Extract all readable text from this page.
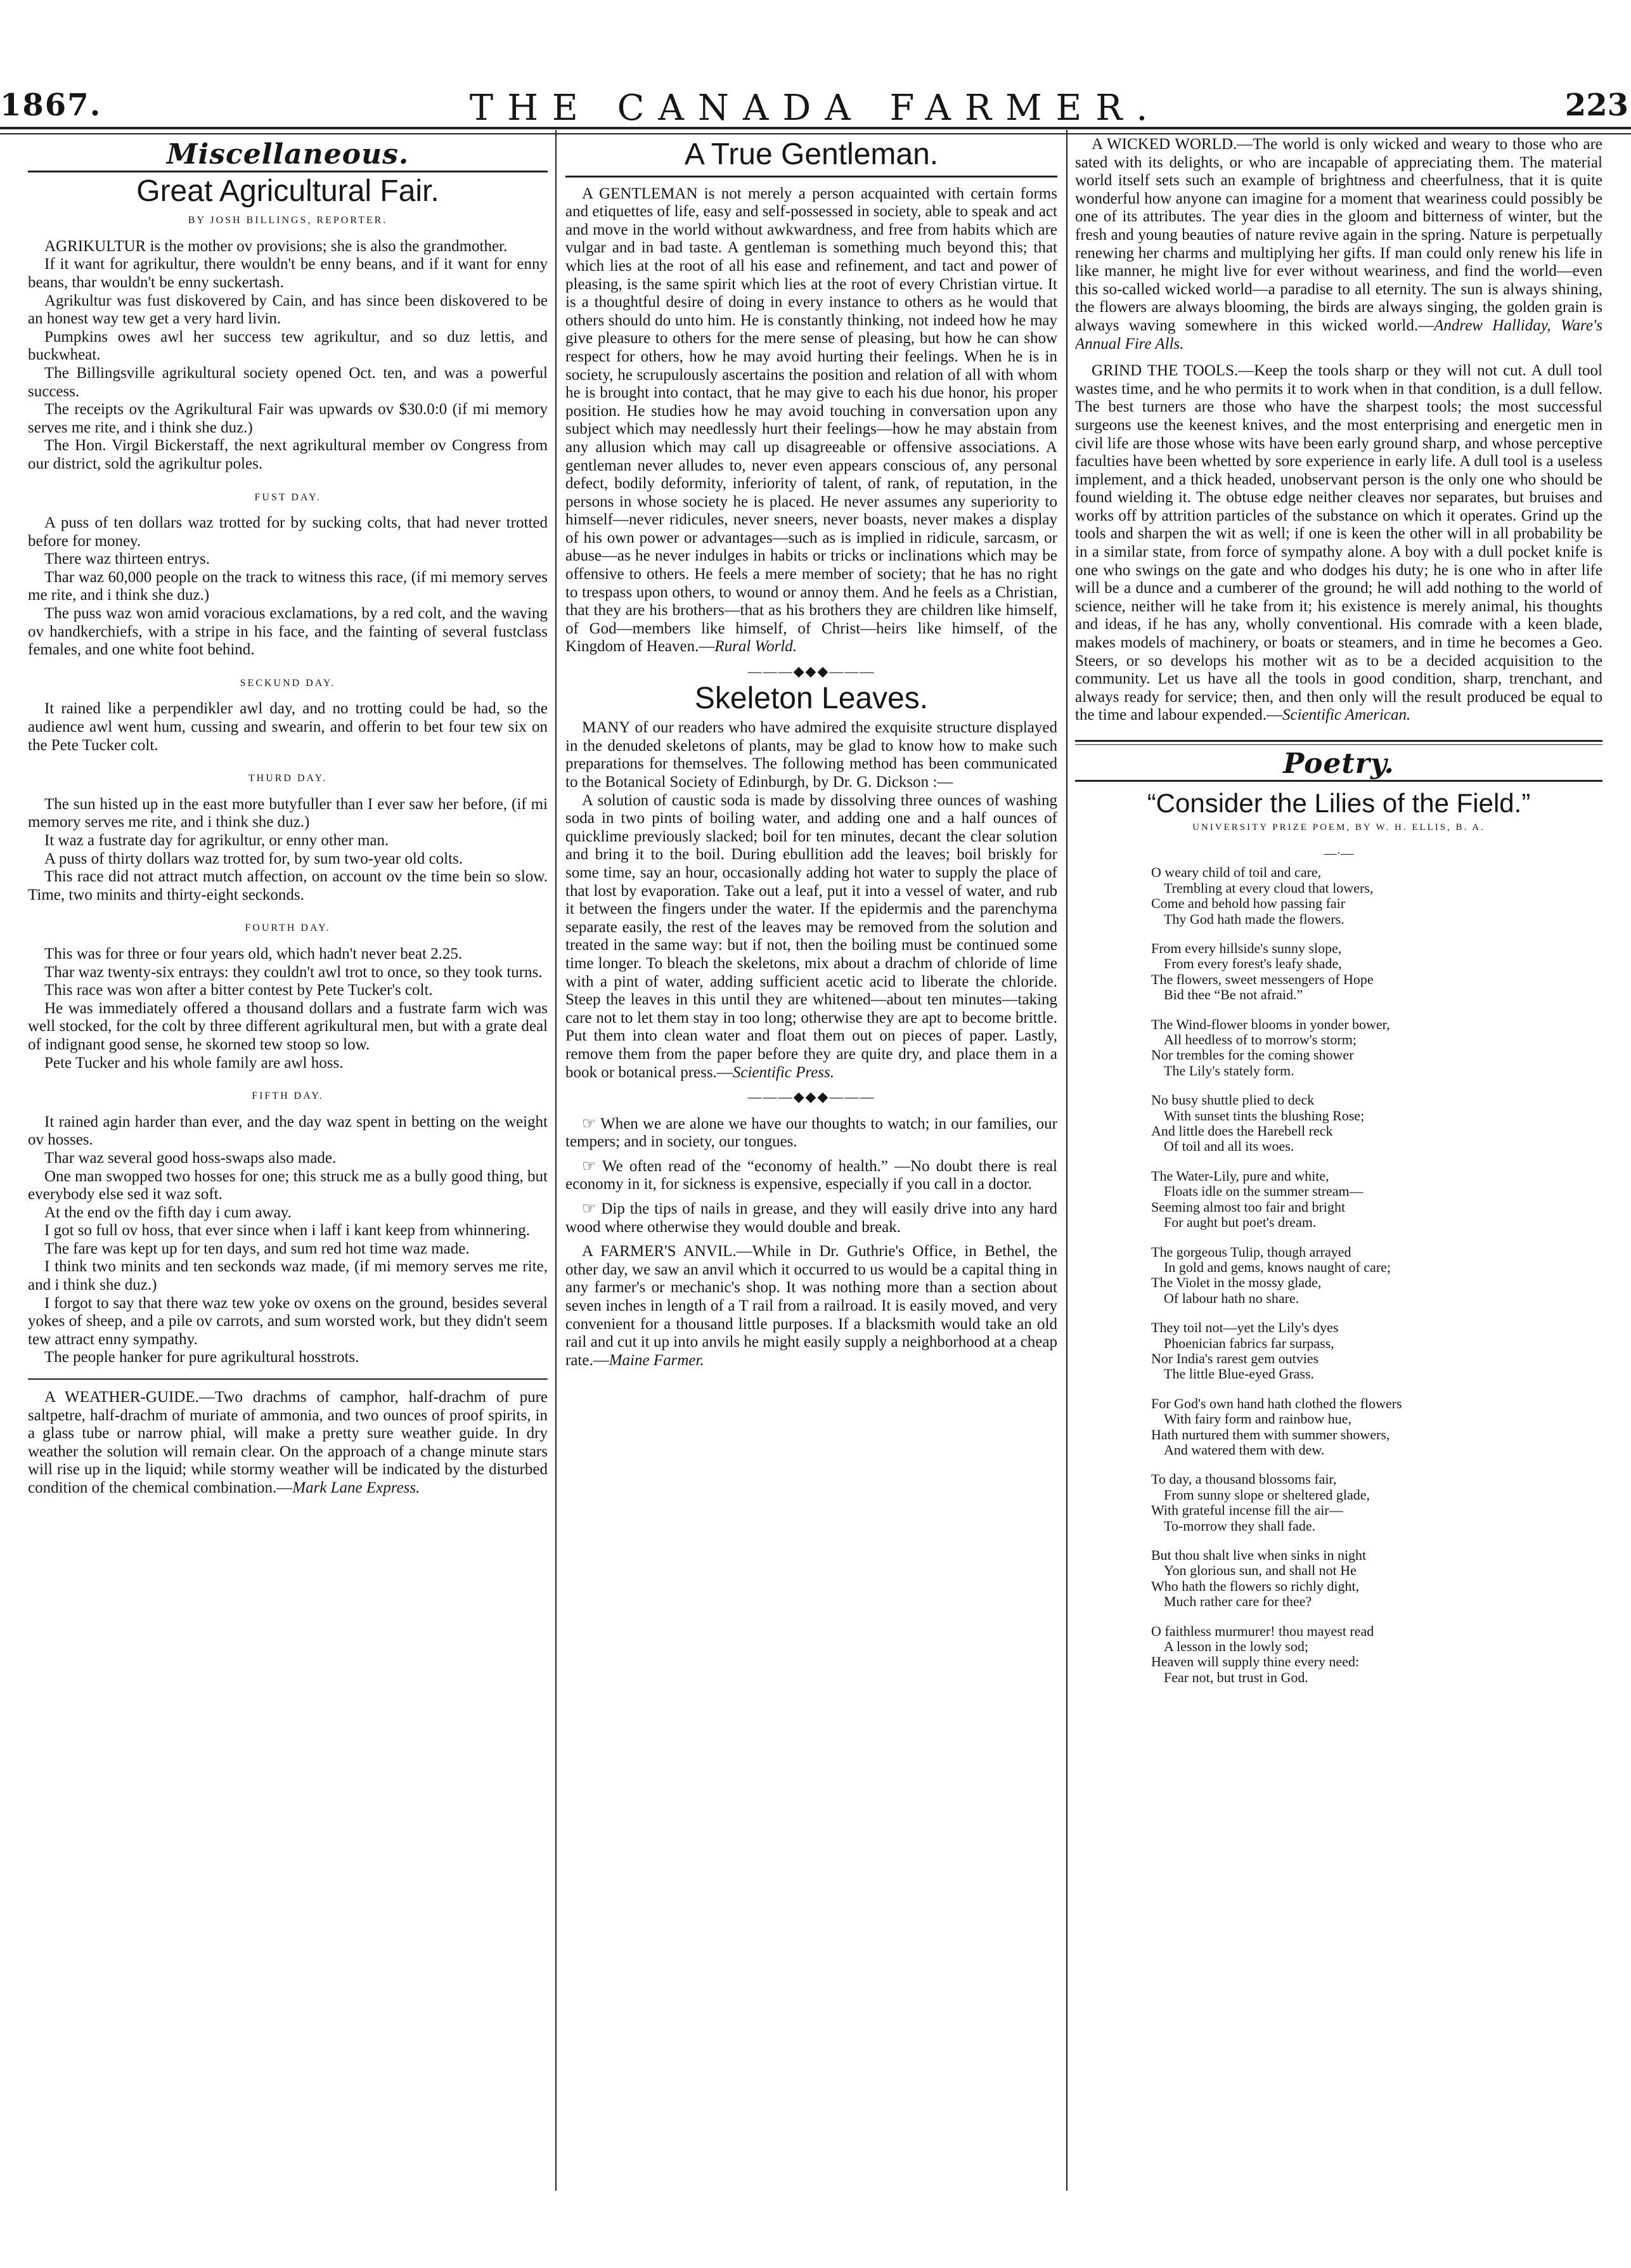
1867.	THE CANADA FARMER.	223
Miscellaneous.
Great Agricultural Fair.
BY JOSH BILLINGS, REPORTER.

AGRIKULTUR is the mother ov provisions; she is also the grandmother.

If it want for agrikultur, there wouldn't be enny beans, and if it want for enny beans, thar wouldn't be enny suckertash.

Agrikultur was fust diskovered by Cain, and has since been diskovered to be an honest way tew get a very hard livin.

Pumpkins owes awl her success tew agrikultur, and so duz lettis, and buckwheat.

The Billingsville agrikultural society opened Oct. ten, and was a powerful success.

The receipts ov the Agrikultural Fair was upwards ov $30.0:0 (if mi memory serves me rite, and i think she duz.)

The Hon. Virgil Bickerstaff, the next agrikultural member ov Congress from our district, sold the agrikultur poles.

FUST DAY.

A puss of ten dollars waz trotted for by sucking colts, that had never trotted before for money.

There waz thirteen entrys.

Thar waz 60,000 people on the track to witness this race, (if mi memory serves me rite, and i think she duz.)

The puss waz won amid voracious exclamations, by a red colt, and the waving ov handkerchiefs, with a stripe in his face, and the fainting of several fustclass females, and one white foot behind.

SECKUND DAY.

It rained like a perpendikler awl day, and no trotting could be had, so the audience awl went hum, cussing and swearin, and offerin to bet four tew six on the Pete Tucker colt.

THURD DAY.

The sun histed up in the east more butyfuller than I ever saw her before, (if mi memory serves me rite, and i think she duz.)

It waz a fustrate day for agrikultur, or enny other man.

A puss of thirty dollars waz trotted for, by sum two-year old colts.

This race did not attract mutch affection, on account ov the time bein so slow. Time, two minits and thirty-eight seckonds.

FOURTH DAY.

This was for three or four years old, which hadn't never beat 2.25.

Thar waz twenty-six entrays: they couldn't awl trot to once, so they took turns.

This race was won after a bitter contest by Pete Tucker's colt.

He was immediately offered a thousand dollars and a fustrate farm wich was well stocked, for the colt by three different agrikultural men, but with a grate deal of indignant good sense, he skorned tew stoop so low.

Pete Tucker and his whole family are awl hoss.

FIFTH DAY.

It rained agin harder than ever, and the day waz spent in betting on the weight ov hosses.

Thar waz several good hoss-swaps also made.

One man swopped two hosses for one; this struck me as a bully good thing, but everybody else sed it waz soft.

At the end ov the fifth day i cum away.

I got so full ov hoss, that ever since when i laff i kant keep from whinnering.

The fare was kept up for ten days, and sum red hot time waz made.

I think two minits and ten seckonds waz made, (if mi memory serves me rite, and i think she duz.)

I forgot to say that there waz tew yoke ov oxens on the ground, besides several yokes of sheep, and a pile ov carrots, and sum worsted work, but they didn't seem tew attract enny sympathy.

The people hanker for pure agrikultural hosstrots.

A WEATHER-GUIDE.—Two drachms of camphor, half-drachm of pure saltpetre, half-drachm of muriate of ammonia, and two ounces of proof spirits, in a glass tube or narrow phial, will make a pretty sure weather guide. In dry weather the solution will remain clear. On the approach of a change minute stars will rise up in the liquid; while stormy weather will be indicated by the disturbed condition of the chemical combination.—Mark Lane Express.

A True Gentleman.

A GENTLEMAN is not merely a person acquainted with certain forms and etiquettes of life, easy and self-possessed in society, able to speak and act and move in the world without awkwardness, and free from habits which are vulgar and in bad taste. A gentleman is something much beyond this; that which lies at the root of all his ease and refinement, and tact and power of pleasing, is the same spirit which lies at the root of every Christian virtue. It is a thoughtful desire of doing in every instance to others as he would that others should do unto him. He is constantly thinking, not indeed how he may give pleasure to others for the mere sense of pleasing, but how he can show respect for others, how he may avoid hurting their feelings. When he is in society, he scrupulously ascertains the position and relation of all with whom he is brought into contact, that he may give to each his due honor, his proper position. He studies how he may avoid touching in conversation upon any subject which may needlessly hurt their feelings—how he may abstain from any allusion which may call up disagreeable or offensive associations. A gentleman never alludes to, never even appears conscious of, any personal defect, bodily deformity, inferiority of talent, of rank, of reputation, in the persons in whose society he is placed. He never assumes any superiority to himself—never ridicules, never sneers, never boasts, never makes a display of his own power or advantages—such as is implied in ridicule, sarcasm, or abuse—as he never indulges in habits or tricks or inclinations which may be offensive to others. He feels a mere member of society; that he has no right to trespass upon others, to wound or annoy them. And he feels as a Christian, that they are his brothers—that as his brothers they are children like himself, of God—members like himself, of Christ—heirs like himself, of the Kingdom of Heaven.—Rural World.

———◆◆◆———
Skeleton Leaves.

MANY of our readers who have admired the exquisite structure displayed in the denuded skeletons of plants, may be glad to know how to make such preparations for themselves. The following method has been communicated to the Botanical Society of Edinburgh, by Dr. G. Dickson :—

A solution of caustic soda is made by dissolving three ounces of washing soda in two pints of boiling water, and adding one and a half ounces of quicklime previously slacked; boil for ten minutes, decant the clear solution and bring it to the boil. During ebullition add the leaves; boil briskly for some time, say an hour, occasionally adding hot water to supply the place of that lost by evaporation. Take out a leaf, put it into a vessel of water, and rub it between the fingers under the water. If the epidermis and the parenchyma separate easily, the rest of the leaves may be removed from the solution and treated in the same way: but if not, then the boiling must be continued some time longer. To bleach the skeletons, mix about a drachm of chloride of lime with a pint of water, adding sufficient acetic acid to liberate the chloride. Steep the leaves in this until they are whitened—about ten minutes—taking care not to let them stay in too long; otherwise they are apt to become brittle. Put them into clean water and float them out on pieces of paper. Lastly, remove them from the paper before they are quite dry, and place them in a book or botanical press.—Scientific Press.

———◆◆◆———

☞ When we are alone we have our thoughts to watch; in our families, our tempers; and in society, our tongues.

☞ We often read of the “economy of health.” —No doubt there is real economy in it, for sickness is expensive, especially if you call in a doctor.

☞ Dip the tips of nails in grease, and they will easily drive into any hard wood where otherwise they would double and break.

A FARMER'S ANVIL.—While in Dr. Guthrie's Office, in Bethel, the other day, we saw an anvil which it occurred to us would be a capital thing in any farmer's or mechanic's shop. It was nothing more than a section about seven inches in length of a T rail from a railroad. It is easily moved, and very convenient for a thousand little purposes. If a blacksmith would take an old rail and cut it up into anvils he might easily supply a neighborhood at a cheap rate.—Maine Farmer.

A WICKED WORLD.—The world is only wicked and weary to those who are sated with its delights, or who are incapable of appreciating them. The material world itself sets such an example of brightness and cheerfulness, that it is quite wonderful how anyone can imagine for a moment that weariness could possibly be one of its attributes. The year dies in the gloom and bitterness of winter, but the fresh and young beauties of nature revive again in the spring. Nature is perpetually renewing her charms and multiplying her gifts. If man could only renew his life in like manner, he might live for ever without weariness, and find the world—even this so-called wicked world—a paradise to all eternity. The sun is always shining, the flowers are always blooming, the birds are always singing, the golden grain is always waving somewhere in this wicked world.—Andrew Halliday, Ware's Annual Fire Alls.

GRIND THE TOOLS.—Keep the tools sharp or they will not cut. A dull tool wastes time, and he who permits it to work when in that condition, is a dull fellow. The best turners are those who have the sharpest tools; the most successful surgeons use the keenest knives, and the most enterprising and energetic men in civil life are those whose wits have been early ground sharp, and whose perceptive faculties have been whetted by sore experience in early life. A dull tool is a useless implement, and a thick headed, unobservant person is the only one who should be found wielding it. The obtuse edge neither cleaves nor separates, but bruises and works off by attrition particles of the substance on which it operates. Grind up the tools and sharpen the wit as well; if one is keen the other will in all probability be in a similar state, from force of sympathy alone. A boy with a dull pocket knife is one who swings on the gate and who dodges his duty; he is one who in after life will be a dunce and a cumberer of the ground; he will add nothing to the world of science, neither will he take from it; his existence is merely animal, his thoughts and ideas, if he has any, wholly conventional. His comrade with a keen blade, makes models of machinery, or boats or steamers, and in time he becomes a Geo. Steers, or so develops his mother wit as to be a decided acquisition to the community. Let us have all the tools in good condition, sharp, trenchant, and always ready for service; then, and then only will the result produced be equal to the time and labour expended.—Scientific American.

Poetry.
“Consider the Lilies of the Field.”
UNIVERSITY PRIZE POEM, BY W. H. ELLIS, B. A.
—·—
O weary child of toil and care,
Trembling at every cloud that lowers,
Come and behold how passing fair
Thy God hath made the flowers.
From every hillside's sunny slope,
From every forest's leafy shade,
The flowers, sweet messengers of Hope
Bid thee “Be not afraid.”
The Wind-flower blooms in yonder bower,
All heedless of to morrow's storm;
Nor trembles for the coming shower
The Lily's stately form.
No busy shuttle plied to deck
With sunset tints the blushing Rose;
And little does the Harebell reck
Of toil and all its woes.
The Water-Lily, pure and white,
Floats idle on the summer stream—
Seeming almost too fair and bright
For aught but poet's dream.
The gorgeous Tulip, though arrayed
In gold and gems, knows naught of care;
The Violet in the mossy glade,
Of labour hath no share.
They toil not—yet the Lily's dyes
Phoenician fabrics far surpass,
Nor India's rarest gem outvies
The little Blue-eyed Grass.
For God's own hand hath clothed the flowers
With fairy form and rainbow hue,
Hath nurtured them with summer showers,
And watered them with dew.
To day, a thousand blossoms fair,
From sunny slope or sheltered glade,
With grateful incense fill the air—
To-morrow they shall fade.
But thou shalt live when sinks in night
Yon glorious sun, and shall not He
Who hath the flowers so richly dight,
Much rather care for thee?
O faithless murmurer! thou mayest read
A lesson in the lowly sod;
Heaven will supply thine every need:
Fear not, but trust in God.
